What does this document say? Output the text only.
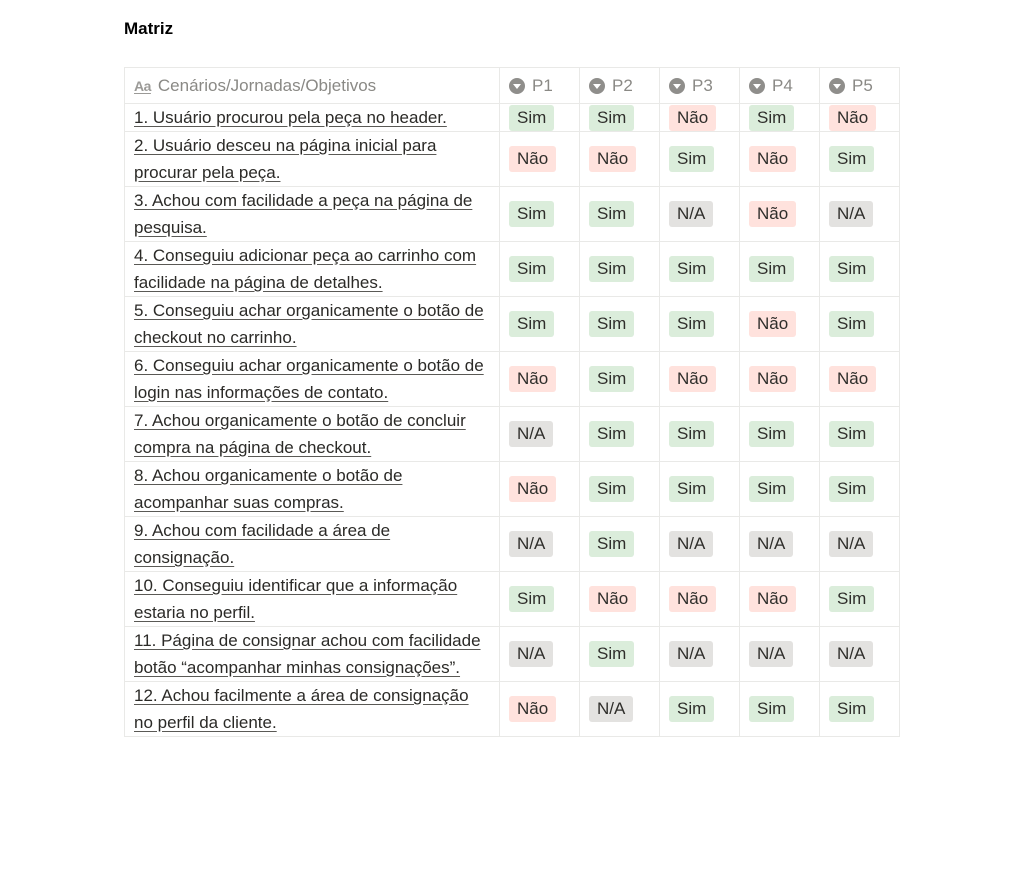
Matriz
Aa Cenários/Jornadas/Objetivos	P1	P2	P3	P4	P5

1. Usuário procurou pela peça no header.	Sim	Sim	Não	Sim	Não
2. Usuário desceu na página inicial para procurar pela peça.	Não	Não	Sim	Não	Sim
3. Achou com facilidade a peça na página de pesquisa.	Sim	Sim	N/A	Não	N/A
4. Conseguiu adicionar peça ao carrinho com facilidade na página de detalhes.	Sim	Sim	Sim	Sim	Sim
5. Conseguiu achar organicamente o botão de checkout no carrinho.	Sim	Sim	Sim	Não	Sim
6. Conseguiu achar organicamente o botão de login nas informações de contato.	Não	Sim	Não	Não	Não
7. Achou organicamente o botão de concluir compra na página de checkout.	N/A	Sim	Sim	Sim	Sim
8. Achou organicamente o botão de acompanhar suas compras.	Não	Sim	Sim	Sim	Sim
9. Achou com facilidade a área de consignação.	N/A	Sim	N/A	N/A	N/A
10. Conseguiu identificar que a informação estaria no perfil.	Sim	Não	Não	Não	Sim
11. Página de consignar achou com facilidade botão “acompanhar minhas consignações”.	N/A	Sim	N/A	N/A	N/A
12. Achou facilmente a área de consignação no perfil da cliente.	Não	N/A	Sim	Sim	Sim
